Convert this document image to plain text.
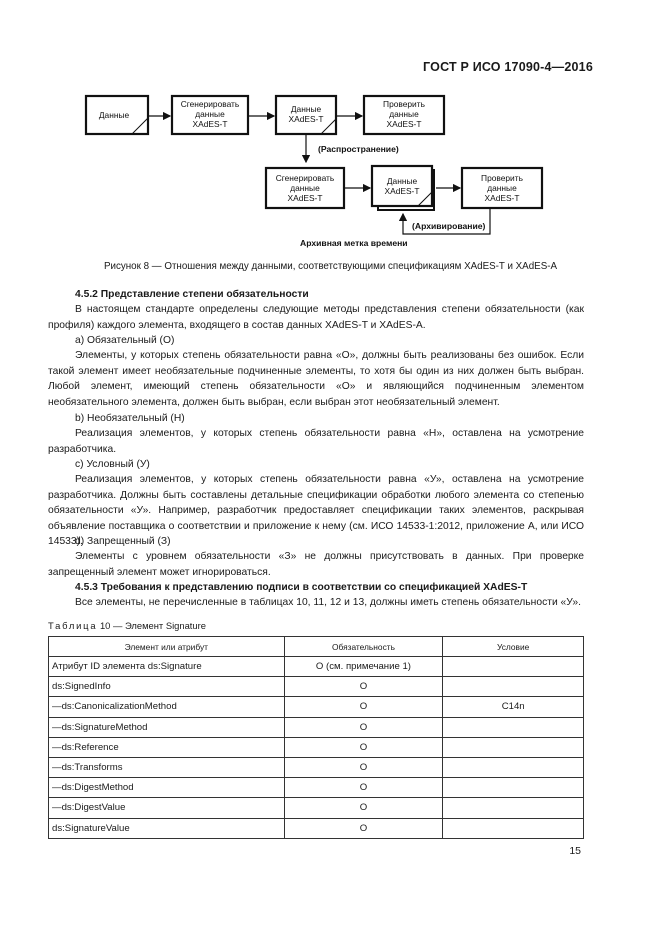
ГОСТ Р ИСО 17090-4—2016
Данные
Сгенерировать
данные
XAdES-T
Данные
XAdES-T
Проверить
данные
XAdES-T
(Распространение)
Сгенерировать
данные
XAdES-T
Данные
XAdES-T
Проверить
данные
XAdES-T
(Архивирование)
Архивная метка времени
Рисунок 8 — Отношения между данными, соответствующими спецификациям XAdES-T и XAdES-A
4.5.2 Представление степени обязательности
В настоящем стандарте определены следующие методы представления степени обязательности (как профиля) каждого элемента, входящего в состав данных XAdES-T и XAdES-A.
а) Обязательный (О)
Элементы, у которых степень обязательности равна «О», должны быть реализованы без ошибок. Если такой элемент имеет необязательные подчиненные элементы, то хотя бы один из них должен быть выбран. Любой элемент, имеющий степень обязательности «О» и являющийся подчиненным элементом необязательного элемента, должен быть выбран, если выбран этот необязательный элемент.
b) Необязательный (Н)
Реализация элементов, у которых степень обязательности равна «Н», оставлена на усмотрение разработчика.
c) Условный (У)
Реализация элементов, у которых степень обязательности равна «У», оставлена на усмотрение разработчика. Должны быть составлены детальные спецификации обработки любого элемента со степенью обязательности «У». Например, разработчик предоставляет спецификации таких элементов, раскрывая объявление поставщика о соответствии и приложение к нему (см. ИСО 14533-1:2012, приложение А, или ИСО 14533).
d) Запрещенный (З)
Элементы с уровнем обязательности «З» не должны присутствовать в данных. При проверке запрещенный элемент может игнорироваться.
4.5.3 Требования к представлению подписи в соответствии со спецификацией XAdES-T
Все элементы, не перечисленные в таблицах 10, 11, 12 и 13, должны иметь степень обязательности «У».
Таблица 10 — Элемент Signature
Элемент или атрибут	Обязательность	Условие
Атрибут ID элемента ds:Signature	О (см. примечание 1)	
ds:SignedInfo	О	
—ds:CanonicalizationMethod	О	C14n
—ds:SignatureMethod	О	
—ds:Reference	О	
—ds:Transforms	О	
—ds:DigestMethod	О	
—ds:DigestValue	О	
ds:SignatureValue	О	
15
